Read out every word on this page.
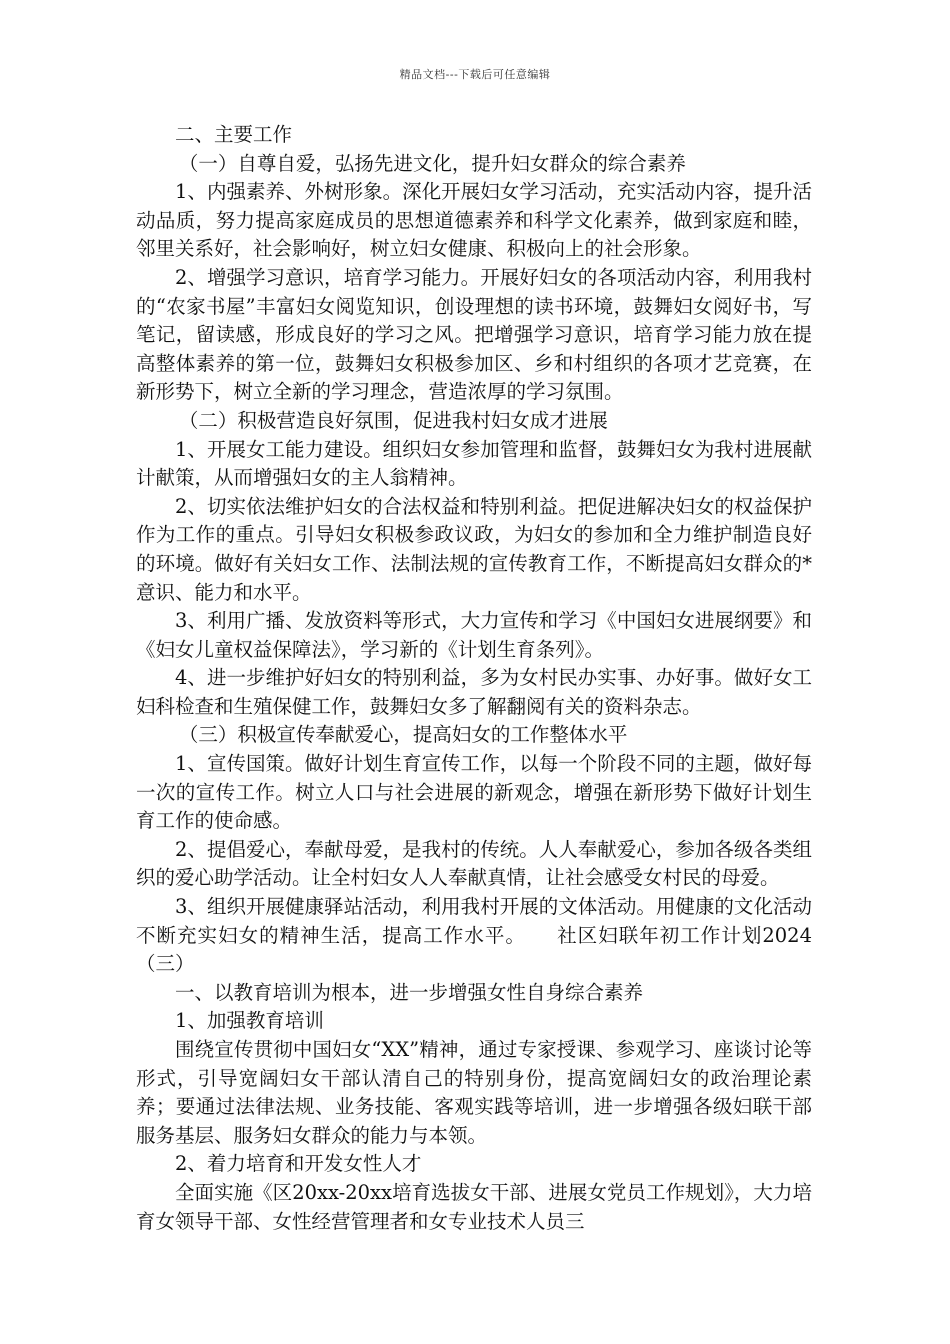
精品文档---下载后可任意编辑

二、主要工作

（一）自尊自爱，弘扬先进文化，提升妇女群众的综合素养

1、内强素养、外树形象。深化开展妇女学习活动，充实活动内容，提升活动品质，努力提高家庭成员的思想道德素养和科学文化素养，做到家庭和睦，邻里关系好，社会影响好，树立妇女健康、积极向上的社会形象。

2、增强学习意识，培育学习能力。开展好妇女的各项活动内容，利用我村的“农家书屋”丰富妇女阅览知识，创设理想的读书环境，鼓舞妇女阅好书，写笔记，留读感，形成良好的学习之风。把增强学习意识，培育学习能力放在提高整体素养的第一位，鼓舞妇女积极参加区、乡和村组织的各项才艺竞赛，在新形势下，树立全新的学习理念，营造浓厚的学习氛围。

（二）积极营造良好氛围，促进我村妇女成才进展

1、开展女工能力建设。组织妇女参加管理和监督，鼓舞妇女为我村进展献计献策，从而增强妇女的主人翁精神。

2、切实依法维护妇女的合法权益和特别利益。把促进解决妇女的权益保护作为工作的重点。引导妇女积极参政议政，为妇女的参加和全力维护制造良好的环境。做好有关妇女工作、法制法规的宣传教育工作，不断提高妇女群众的*意识、能力和水平。

3、利用广播、发放资料等形式，大力宣传和学习《中国妇女进展纲要》和《妇女儿童权益保障法》，学习新的《计划生育条列》。

4、进一步维护好妇女的特别利益，多为女村民办实事、办好事。做好女工妇科检查和生殖保健工作，鼓舞妇女多了解翻阅有关的资料杂志。

（三）积极宣传奉献爱心，提高妇女的工作整体水平

1、宣传国策。做好计划生育宣传工作，以每一个阶段不同的主题，做好每一次的宣传工作。树立人口与社会进展的新观念，增强在新形势下做好计划生育工作的使命感。

2、提倡爱心，奉献母爱，是我村的传统。人人奉献爱心，参加各级各类组织的爱心助学活动。让全村妇女人人奉献真情，让社会感受女村民的母爱。

3、组织开展健康驿站活动，利用我村开展的文体活动。用健康的文化活动不断充实妇女的精神生活，提高工作水平。　　社区妇联年初工作计划2024（三）

一、以教育培训为根本，进一步增强女性自身综合素养

1、加强教育培训

围绕宣传贯彻中国妇女“XX”精神，通过专家授课、参观学习、座谈讨论等形式，引导宽阔妇女干部认清自己的特别身份，提高宽阔妇女的政治理论素养；要通过法律法规、业务技能、客观实践等培训，进一步增强各级妇联干部服务基层、服务妇女群众的能力与本领。

2、着力培育和开发女性人才

全面实施《区20xx-20xx培育选拔女干部、进展女党员工作规划》，大力培育女领导干部、女性经营管理者和女专业技术人员三
